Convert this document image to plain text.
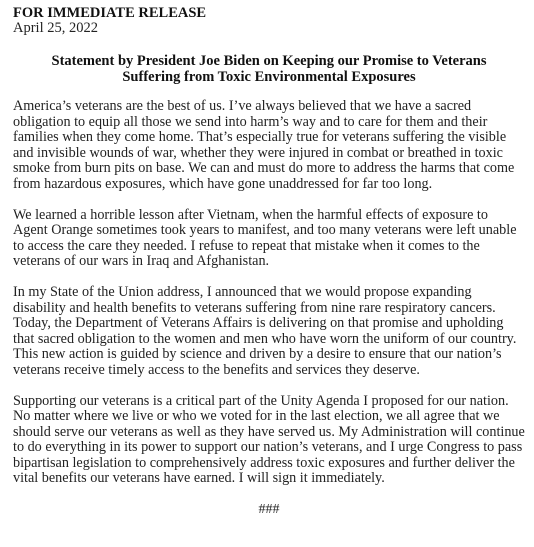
FOR IMMEDIATE RELEASE
April 25, 2022
Statement by President Joe Biden on Keeping our Promise to Veterans
Suffering from Toxic Environmental Exposures

America’s veterans are the best of us. I’ve always believed that we have a sacred obligation to equip all those we send into harm’s way and to care for them and their families when they come home. That’s especially true for veterans suffering the visible and invisible wounds of war, whether they were injured in combat or breathed in toxic smoke from burn pits on base. We can and must do more to address the harms that come from hazardous exposures, which have gone unaddressed for far too long.

We learned a horrible lesson after Vietnam, when the harmful effects of exposure to Agent Orange sometimes took years to manifest, and too many veterans were left unable to access the care they needed. I refuse to repeat that mistake when it comes to the veterans of our wars in Iraq and Afghanistan.

In my State of the Union address, I announced that we would propose expanding disability and health benefits to veterans suffering from nine rare respiratory cancers. Today, the Department of Veterans Affairs is delivering on that promise and upholding that sacred obligation to the women and men who have worn the uniform of our country. This new action is guided by science and driven by a desire to ensure that our nation’s veterans receive timely access to the benefits and services they deserve.

Supporting our veterans is a critical part of the Unity Agenda I proposed for our nation. No matter where we live or who we voted for in the last election, we all agree that we should serve our veterans as well as they have served us. My Administration will continue to do everything in its power to support our nation’s veterans, and I urge Congress to pass bipartisan legislation to comprehensively address toxic exposures and further deliver the vital benefits our veterans have earned. I will sign it immediately.

###
